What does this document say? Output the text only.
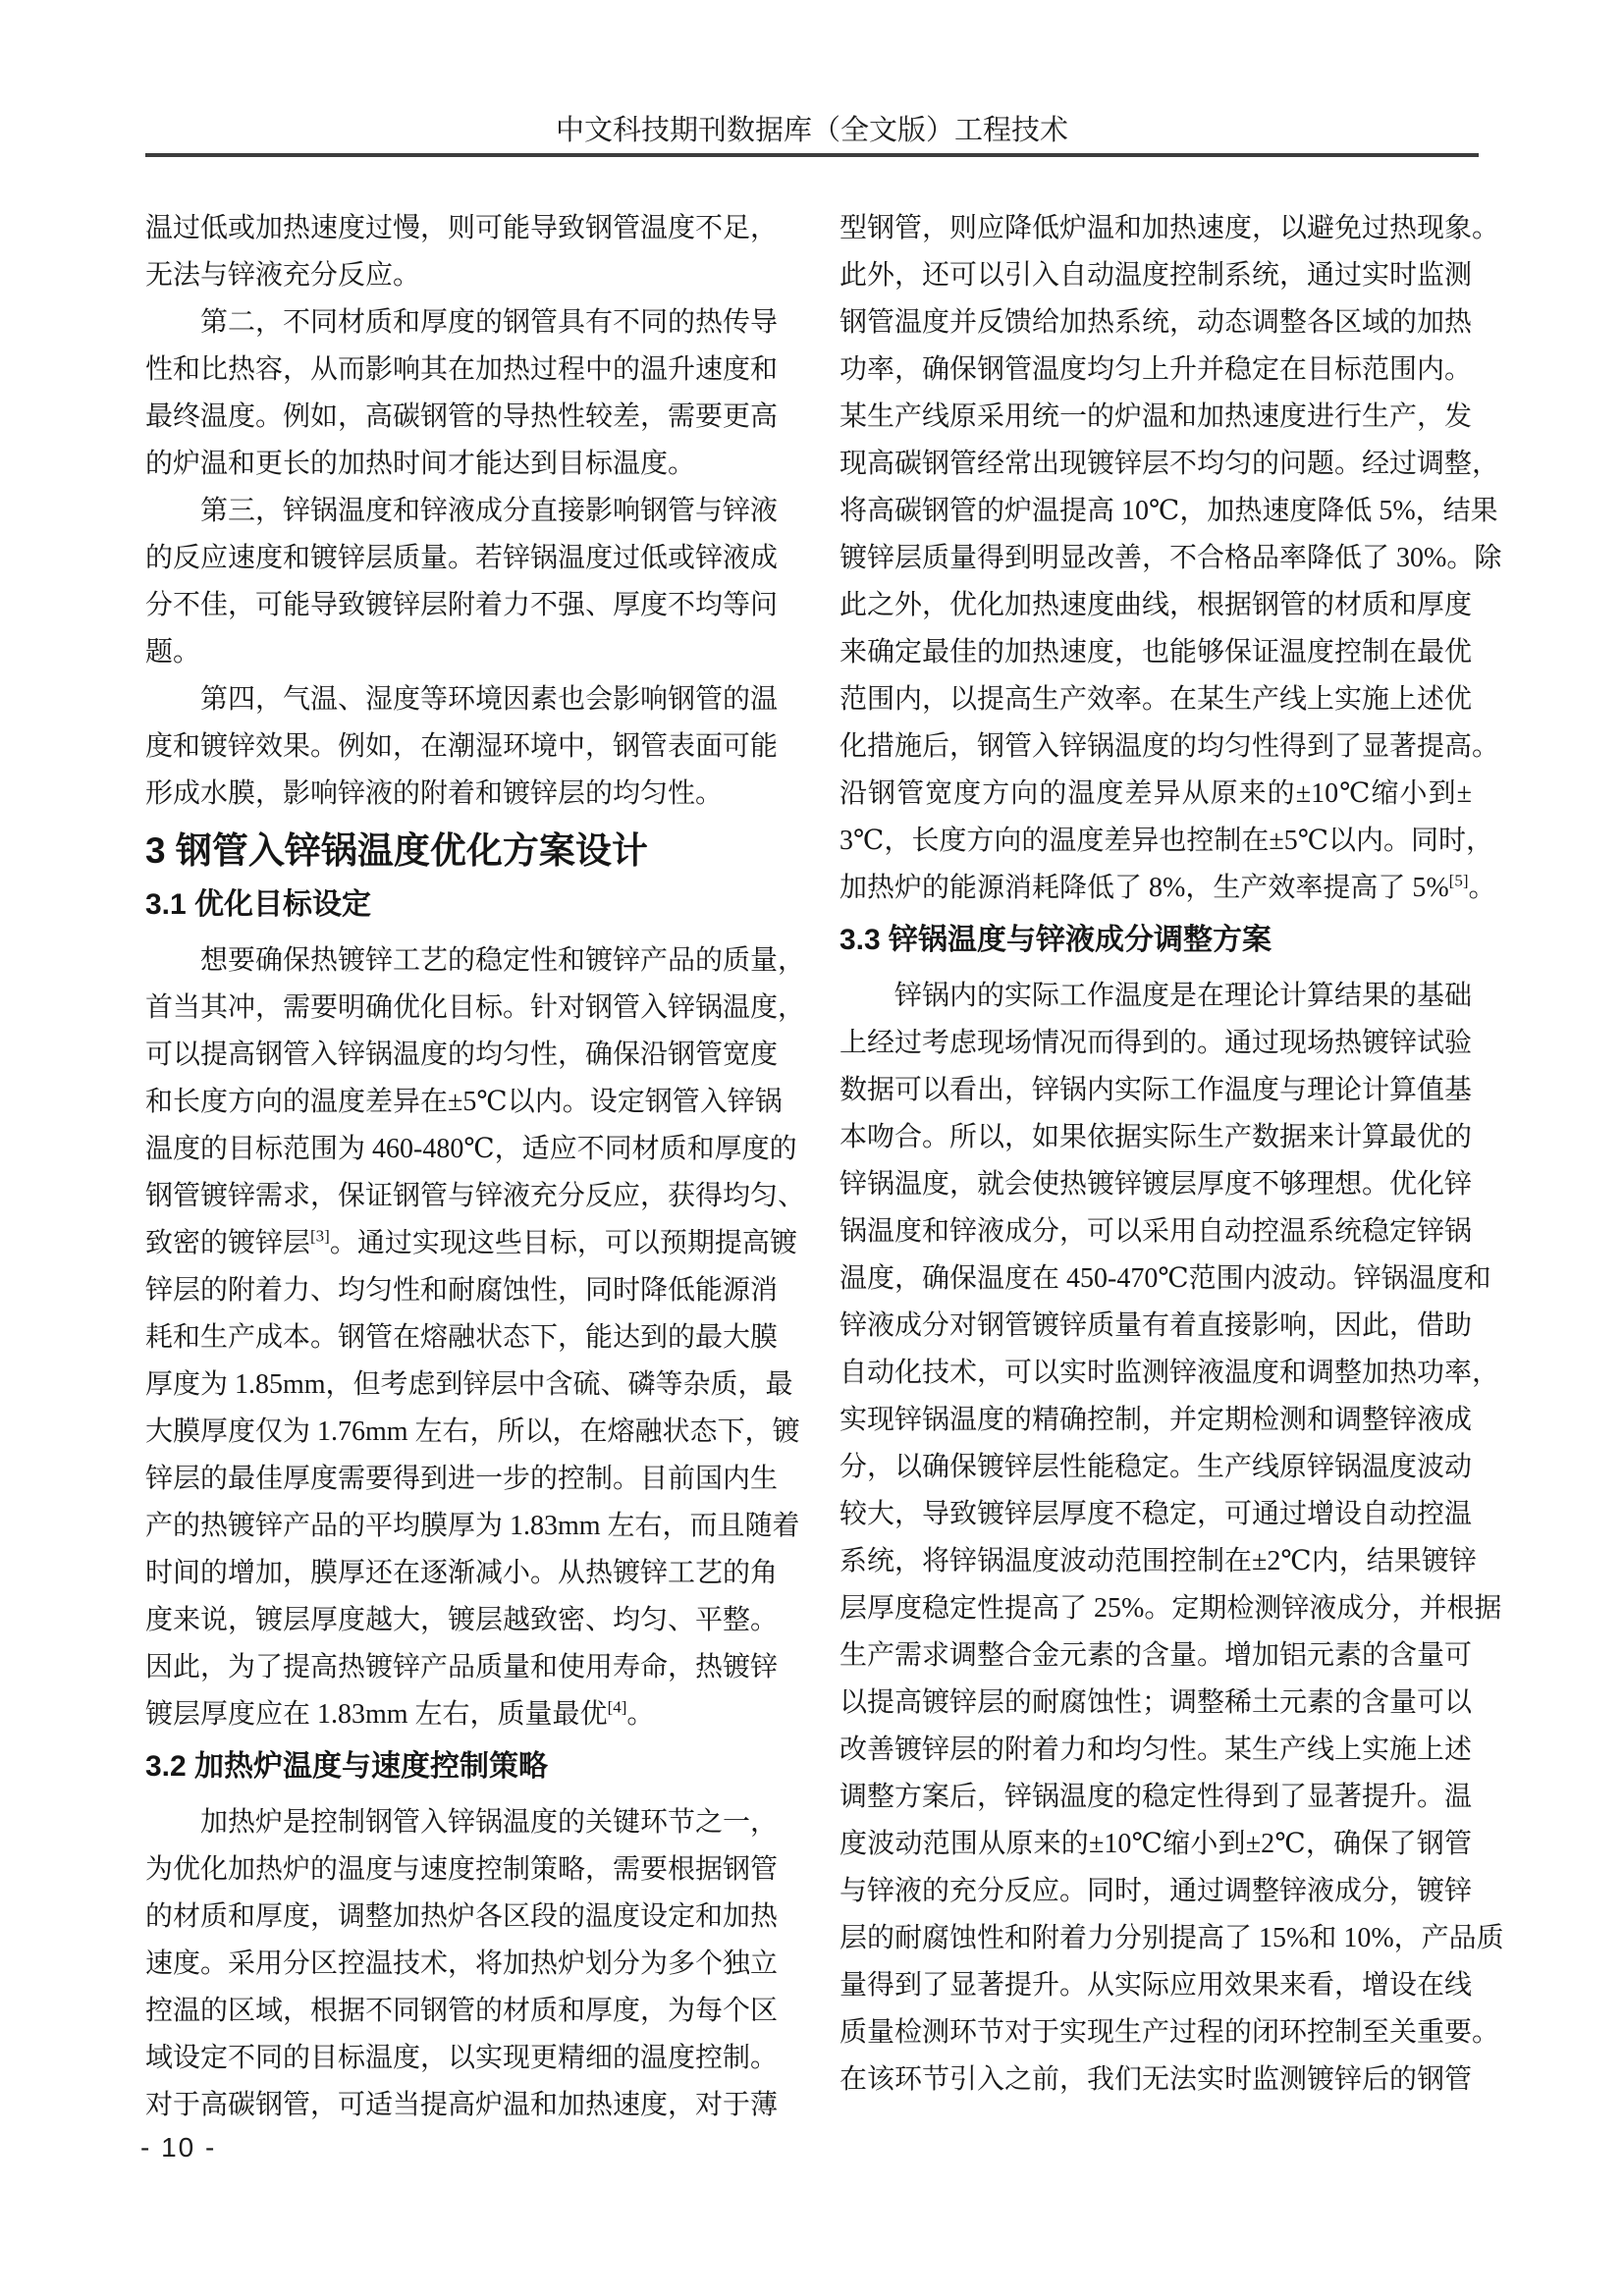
中文科技期刊数据库（全文版）工程技术
温过低或加热速度过慢，则可能导致钢管温度不足，
无法与锌液充分反应。
第二，不同材质和厚度的钢管具有不同的热传导
性和比热容，从而影响其在加热过程中的温升速度和
最终温度。例如，高碳钢管的导热性较差，需要更高
的炉温和更长的加热时间才能达到目标温度。
第三，锌锅温度和锌液成分直接影响钢管与锌液
的反应速度和镀锌层质量。若锌锅温度过低或锌液成
分不佳，可能导致镀锌层附着力不强、厚度不均等问
题。
第四，气温、湿度等环境因素也会影响钢管的温
度和镀锌效果。例如，在潮湿环境中，钢管表面可能
形成水膜，影响锌液的附着和镀锌层的均匀性。
3 钢管入锌锅温度优化方案设计
3.1 优化目标设定
想要确保热镀锌工艺的稳定性和镀锌产品的质量，
首当其冲，需要明确优化目标。针对钢管入锌锅温度，
可以提高钢管入锌锅温度的均匀性，确保沿钢管宽度
和长度方向的温度差异在±5℃以内。设定钢管入锌锅
温度的目标范围为 460-480℃，适应不同材质和厚度的
钢管镀锌需求，保证钢管与锌液充分反应，获得均匀、
致密的镀锌层[3]。通过实现这些目标，可以预期提高镀
锌层的附着力、均匀性和耐腐蚀性，同时降低能源消
耗和生产成本。钢管在熔融状态下，能达到的最大膜
厚度为 1.85mm，但考虑到锌层中含硫、磷等杂质，最
大膜厚度仅为 1.76mm 左右，所以，在熔融状态下，镀
锌层的最佳厚度需要得到进一步的控制。目前国内生
产的热镀锌产品的平均膜厚为 1.83mm 左右，而且随着
时间的增加，膜厚还在逐渐减小。从热镀锌工艺的角
度来说，镀层厚度越大，镀层越致密、均匀、平整。
因此，为了提高热镀锌产品质量和使用寿命，热镀锌
镀层厚度应在 1.83mm 左右，质量最优[4]。
3.2 加热炉温度与速度控制策略
加热炉是控制钢管入锌锅温度的关键环节之一，
为优化加热炉的温度与速度控制策略，需要根据钢管
的材质和厚度，调整加热炉各区段的温度设定和加热
速度。采用分区控温技术，将加热炉划分为多个独立
控温的区域，根据不同钢管的材质和厚度，为每个区
域设定不同的目标温度，以实现更精细的温度控制。
对于高碳钢管，可适当提高炉温和加热速度，对于薄
型钢管，则应降低炉温和加热速度，以避免过热现象。
此外，还可以引入自动温度控制系统，通过实时监测
钢管温度并反馈给加热系统，动态调整各区域的加热
功率，确保钢管温度均匀上升并稳定在目标范围内。
某生产线原采用统一的炉温和加热速度进行生产，发
现高碳钢管经常出现镀锌层不均匀的问题。经过调整，
将高碳钢管的炉温提高 10℃，加热速度降低 5%，结果
镀锌层质量得到明显改善，不合格品率降低了 30%。除
此之外，优化加热速度曲线，根据钢管的材质和厚度
来确定最佳的加热速度，也能够保证温度控制在最优
范围内，以提高生产效率。在某生产线上实施上述优
化措施后，钢管入锌锅温度的均匀性得到了显著提高。
沿钢管宽度方向的温度差异从原来的±10℃缩小到±
3℃，长度方向的温度差异也控制在±5℃以内。同时，
加热炉的能源消耗降低了 8%，生产效率提高了 5%[5]。
3.3 锌锅温度与锌液成分调整方案
锌锅内的实际工作温度是在理论计算结果的基础
上经过考虑现场情况而得到的。通过现场热镀锌试验
数据可以看出，锌锅内实际工作温度与理论计算值基
本吻合。所以，如果依据实际生产数据来计算最优的
锌锅温度，就会使热镀锌镀层厚度不够理想。优化锌
锅温度和锌液成分，可以采用自动控温系统稳定锌锅
温度，确保温度在 450-470℃范围内波动。锌锅温度和
锌液成分对钢管镀锌质量有着直接影响，因此，借助
自动化技术，可以实时监测锌液温度和调整加热功率，
实现锌锅温度的精确控制，并定期检测和调整锌液成
分，以确保镀锌层性能稳定。生产线原锌锅温度波动
较大，导致镀锌层厚度不稳定，可通过增设自动控温
系统，将锌锅温度波动范围控制在±2℃内，结果镀锌
层厚度稳定性提高了 25%。定期检测锌液成分，并根据
生产需求调整合金元素的含量。增加铝元素的含量可
以提高镀锌层的耐腐蚀性；调整稀土元素的含量可以
改善镀锌层的附着力和均匀性。某生产线上实施上述
调整方案后，锌锅温度的稳定性得到了显著提升。温
度波动范围从原来的±10℃缩小到±2℃，确保了钢管
与锌液的充分反应。同时，通过调整锌液成分，镀锌
层的耐腐蚀性和附着力分别提高了 15%和 10%，产品质
量得到了显著提升。从实际应用效果来看，增设在线
质量检测环节对于实现生产过程的闭环控制至关重要。
在该环节引入之前，我们无法实时监测镀锌后的钢管
- 10 -
